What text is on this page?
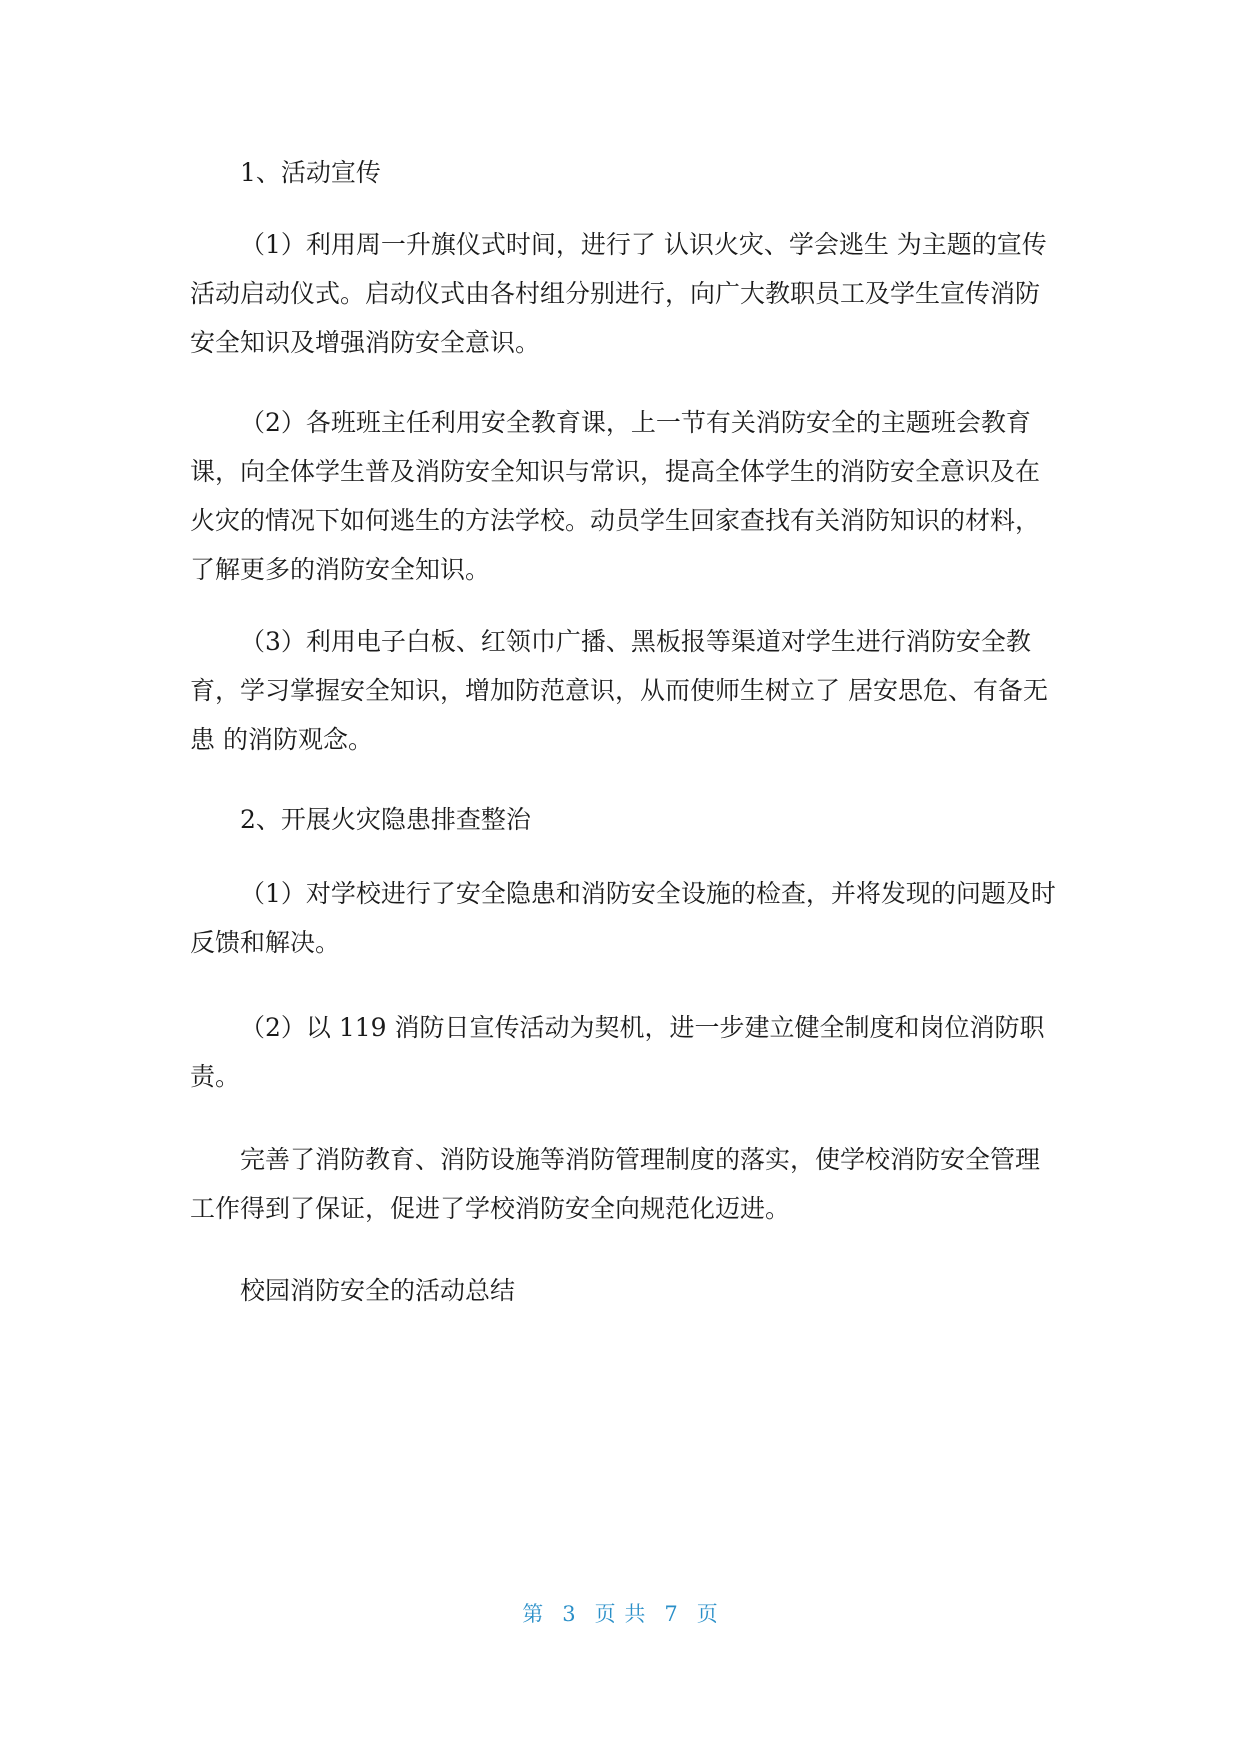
1、活动宣传

（1）利用周一升旗仪式时间，进行了 认识火灾、学会逃生 为主题的宣传活动启动仪式。启动仪式由各村组分别进行，向广大教职员工及学生宣传消防安全知识及增强消防安全意识。

（2）各班班主任利用安全教育课，上一节有关消防安全的主题班会教育课，向全体学生普及消防安全知识与常识，提高全体学生的消防安全意识及在火灾的情况下如何逃生的方法学校。动员学生回家查找有关消防知识的材料，了解更多的消防安全知识。

（3）利用电子白板、红领巾广播、黑板报等渠道对学生进行消防安全教育，学习掌握安全知识，增加防范意识，从而使师生树立了 居安思危、有备无患 的消防观念。

2、开展火灾隐患排查整治

（1）对学校进行了安全隐患和消防安全设施的检查，并将发现的问题及时反馈和解决。

（2）以 119 消防日宣传活动为契机，进一步建立健全制度和岗位消防职责。

完善了消防教育、消防设施等消防管理制度的落实，使学校消防安全管理工作得到了保证，促进了学校消防安全向规范化迈进。

校园消防安全的活动总结

第 3 页 共 7 页
